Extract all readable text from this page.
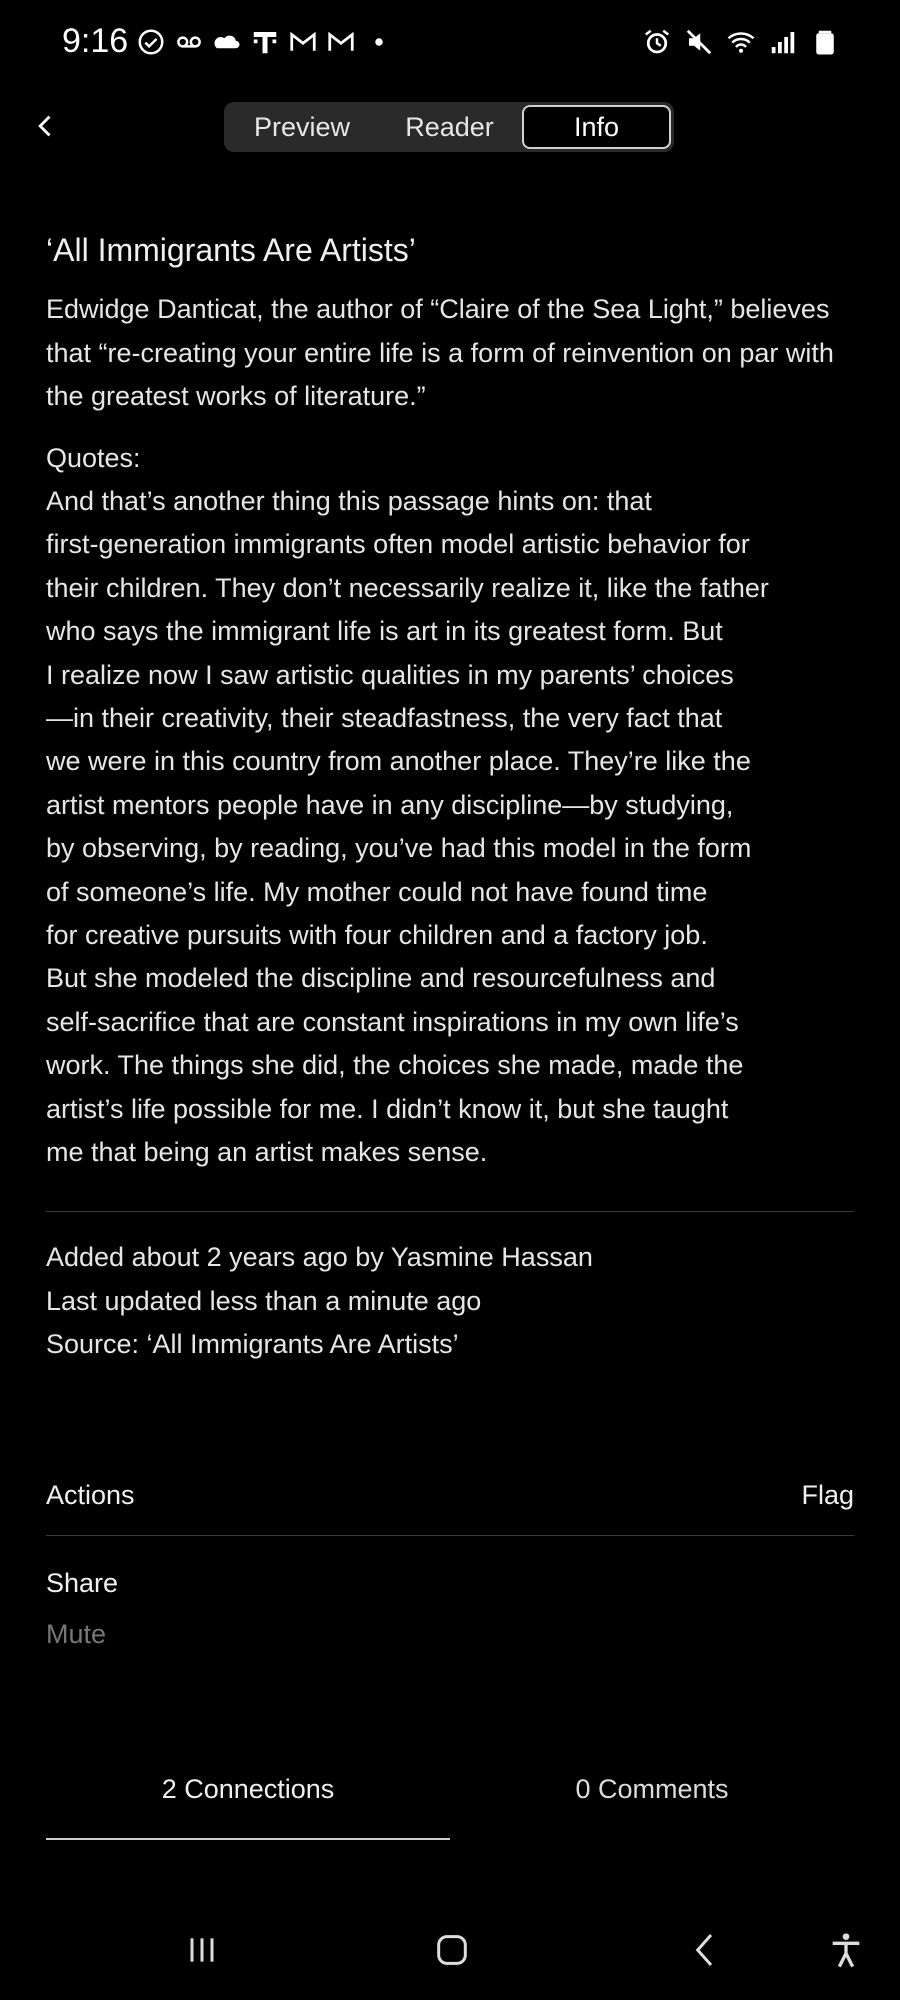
9:16
Preview	Reader	Info
‘All Immigrants Are Artists’
Edwidge Danticat, the author of “Claire of the Sea Light,” believes that “re-creating your entire life is a form of reinvention on par with the greatest works of literature.”
Quotes:
And that’s another thing this passage hints on: that
first-generation immigrants often model artistic behavior for
their children. They don’t necessarily realize it, like the father
who says the immigrant life is art in its greatest form. But
I realize now I saw artistic qualities in my parents’ choices
—in their creativity, their steadfastness, the very fact that
we were in this country from another place. They’re like the
artist mentors people have in any discipline—by studying,
by observing, by reading, you’ve had this model in the form
of someone’s life. My mother could not have found time
for creative pursuits with four children and a factory job.
But she modeled the discipline and resourcefulness and
self-sacrifice that are constant inspirations in my own life’s
work. The things she did, the choices she made, made the
artist’s life possible for me. I didn’t know it, but she taught
me that being an artist makes sense.
Added about 2 years ago by Yasmine Hassan
Last updated less than a minute ago
Source: ‘All Immigrants Are Artists’
Actions	Flag
Share
Mute
2 Connections	0 Comments
